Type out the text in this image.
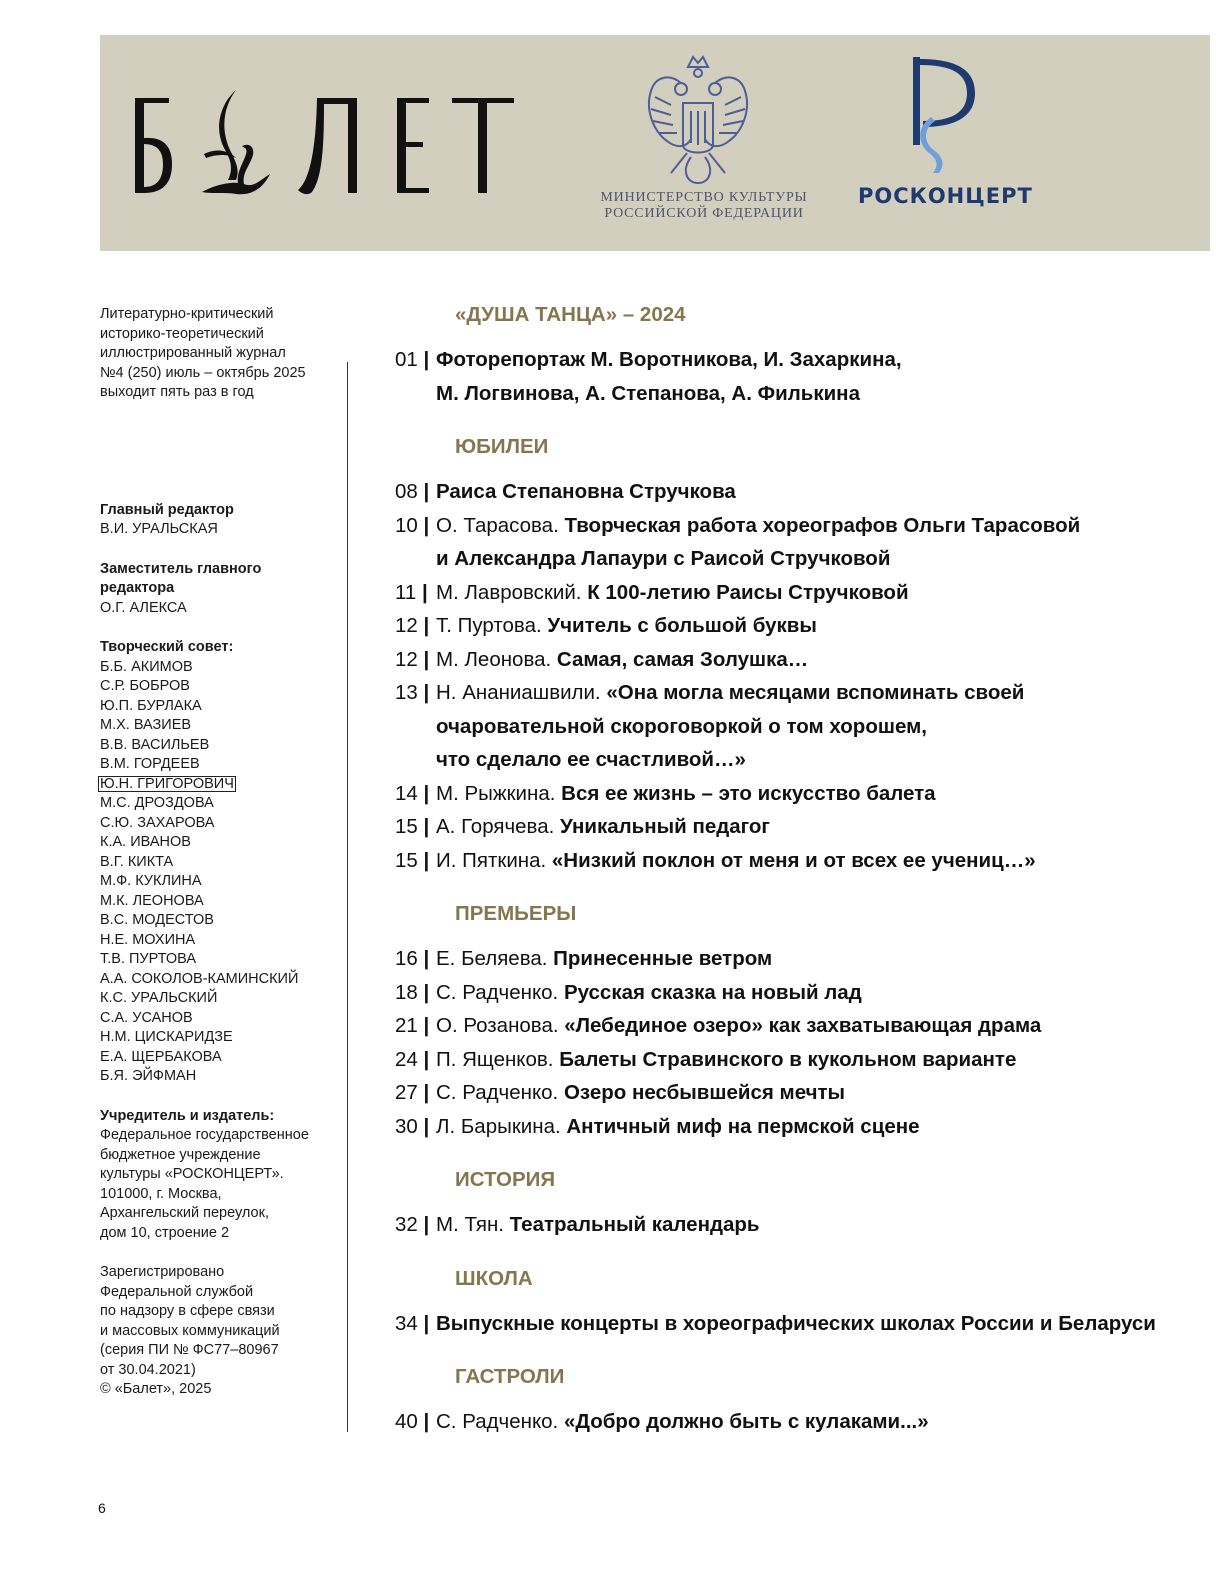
МИНИСТЕРСТВО КУЛЬТУРЫ
РОССИЙСКОЙ ФЕДЕРАЦИИ
РОСКОНЦЕРТ
Литературно-критический
историко-теоретический
иллюстрированный журнал
№4 (250) июль – октябрь 2025
выходит пять раз в год
Главный редактор
В.И. УРАЛЬСКАЯ
Заместитель главного
редактора
О.Г. АЛЕКСА
Творческий совет:
Б.Б. АКИМОВ
С.Р. БОБРОВ
Ю.П. БУРЛАКА
М.Х. ВАЗИЕВ
В.В. ВАСИЛЬЕВ
В.М. ГОРДЕЕВ
Ю.Н. ГРИГОРОВИЧ
М.С. ДРОЗДОВА
С.Ю. ЗАХАРОВА
К.А. ИВАНОВ
В.Г. КИКТА
М.Ф. КУКЛИНА
М.К. ЛЕОНОВА
В.С. МОДЕСТОВ
Н.Е. МОХИНА
Т.В. ПУРТОВА
А.А. СОКОЛОВ-КАМИНСКИЙ
К.С. УРАЛЬСКИЙ
С.А. УСАНОВ
Н.М. ЦИСКАРИДЗЕ
Е.А. ЩЕРБАКОВА
Б.Я. ЭЙФМАН
Учредитель и издатель:
Федеральное государственное
бюджетное учреждение
культуры «РОСКОНЦЕРТ».
101000, г. Москва,
Архангельский переулок,
дом 10, строение 2
Зарегистрировано
Федеральной службой
по надзору в сфере связи
и массовых коммуникаций
(серия ПИ № ФС77–80967
от 30.04.2021)
© «Балет», 2025
«ДУША ТАНЦА» – 2024
01 | Фоторепортаж М. Воротникова, И. Захаркина,
М. Логвинова, А. Степанова, А. Филькина
ЮБИЛЕИ
08 | Раиса Степановна Стручкова
10 | О. Тарасова. Творческая работа хореографов Ольги Тарасовой
и Александра Лапаури с Раисой Стручковой
11 | М. Лавровский. К 100-летию Раисы Стручковой
12 | Т. Пуртова. Учитель с большой буквы
12 | М. Леонова. Самая, самая Золушка…
13 | Н. Ананиашвили. «Она могла месяцами вспоминать своей
очаровательной скороговоркой о том хорошем,
что сделало ее счастливой…»
14 | М. Рыжкина. Вся ее жизнь – это искусство балета
15 | А. Горячева. Уникальный педагог
15 | И. Пяткина. «Низкий поклон от меня и от всех ее учениц…»
ПРЕМЬЕРЫ
16 | Е. Беляева. Принесенные ветром
18 | С. Радченко. Русская сказка на новый лад
21 | О. Розанова. «Лебединое озеро» как захватывающая драма
24 | П. Ященков. Балеты Стравинского в кукольном варианте
27 | С. Радченко. Озеро несбывшейся мечты
30 | Л. Барыкина. Античный миф на пермской сцене
ИСТОРИЯ
32 | М. Тян. Театральный календарь
ШКОЛА
34 | Выпускные концерты в хореографических школах России и Беларуси
ГАСТРОЛИ
40 | С. Радченко. «Добро должно быть с кулаками...»
6
